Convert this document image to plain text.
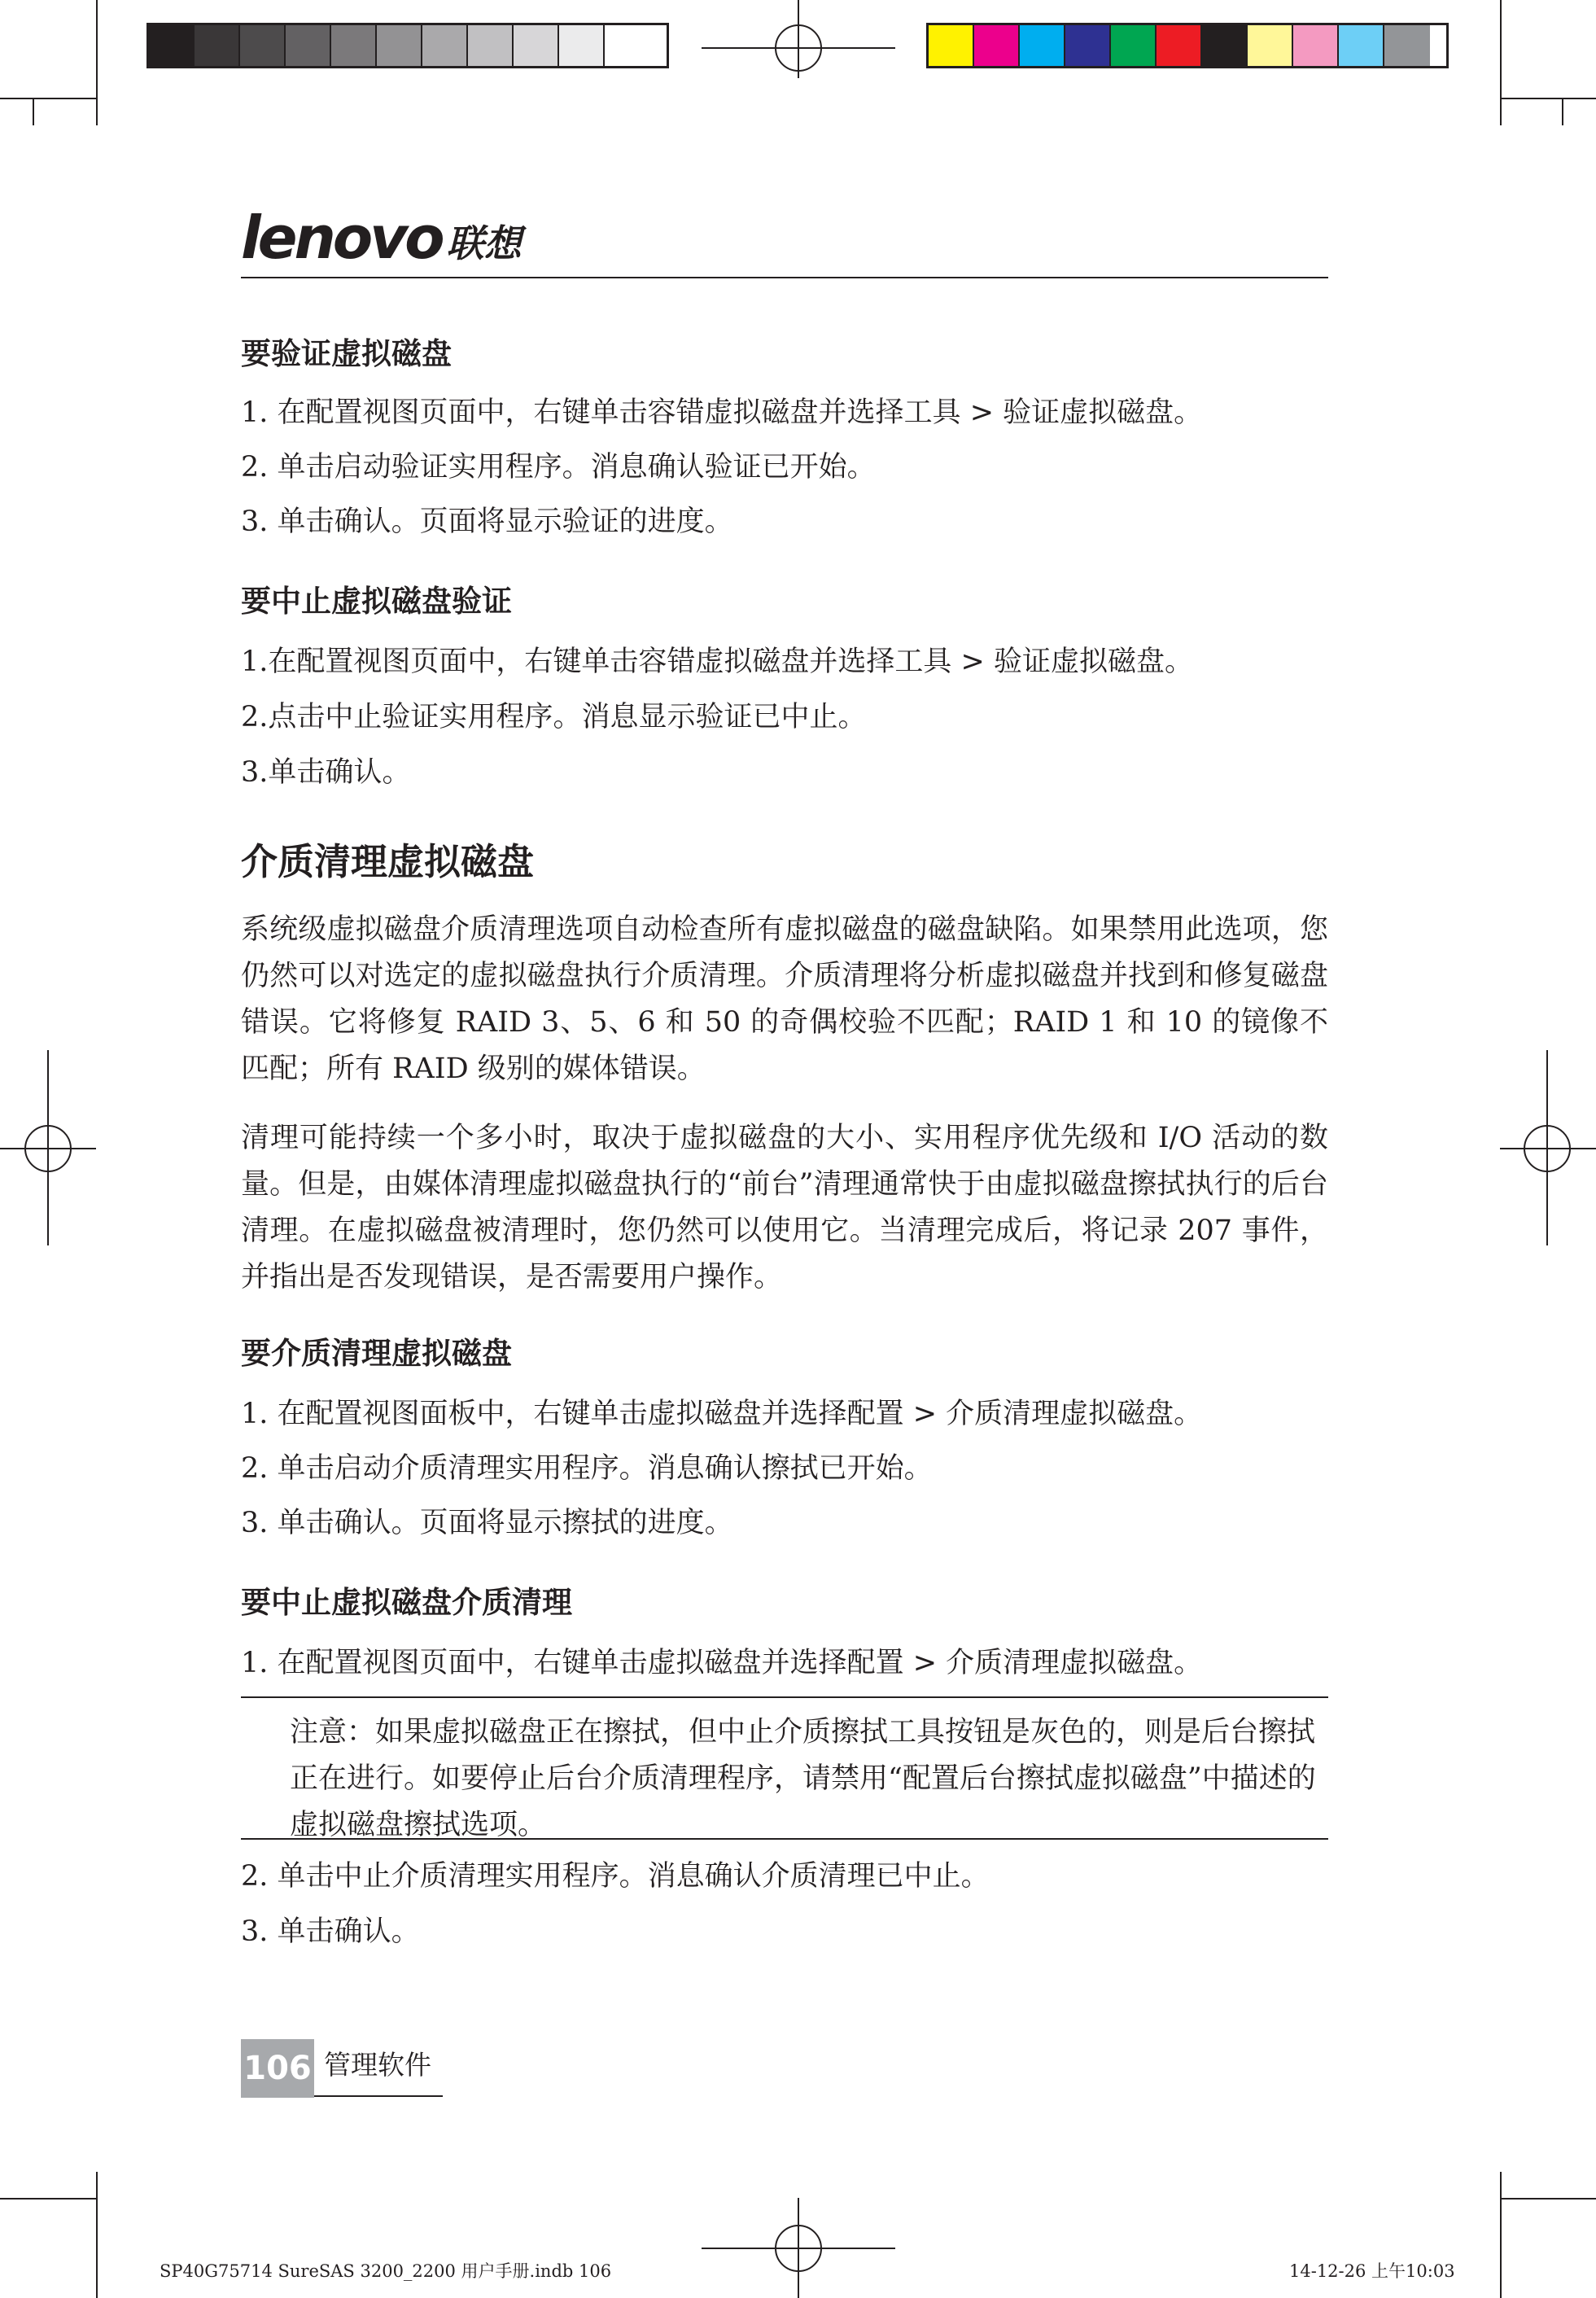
lenovo 联想
要验证虚拟磁盘
1. 在配置视图页面中，右键单击容错虚拟磁盘并选择工具 > 验证虚拟磁盘。
2. 单击启动验证实用程序。消息确认验证已开始。
3. 单击确认。页面将显示验证的进度。
要中止虚拟磁盘验证
1.在配置视图页面中，右键单击容错虚拟磁盘并选择工具 > 验证虚拟磁盘。
2.点击中止验证实用程序。消息显示验证已中止。
3.单击确认。
介质清理虚拟磁盘

系统级虚拟磁盘介质清理选项自动检查所有虚拟磁盘的磁盘缺陷。如果禁用此选项，您仍然可以对选定的虚拟磁盘执行介质清理。介质清理将分析虚拟磁盘并找到和修复磁盘错误。它将修复 RAID 3、5、6 和 50 的奇偶校验不匹配；RAID 1 和 10 的镜像不匹配；所有 RAID 级别的媒体错误。

清理可能持续一个多小时，取决于虚拟磁盘的大小、实用程序优先级和 I/O 活动的数量。但是，由媒体清理虚拟磁盘执行的“前台”清理通常快于由虚拟磁盘擦拭执行的后台清理。在虚拟磁盘被清理时，您仍然可以使用它。当清理完成后，将记录 207 事件，并指出是否发现错误，是否需要用户操作。

要介质清理虚拟磁盘
1. 在配置视图面板中，右键单击虚拟磁盘并选择配置 > 介质清理虚拟磁盘。
2. 单击启动介质清理实用程序。消息确认擦拭已开始。
3. 单击确认。页面将显示擦拭的进度。
要中止虚拟磁盘介质清理
1. 在配置视图页面中，右键单击虚拟磁盘并选择配置 > 介质清理虚拟磁盘。
注意：如果虚拟磁盘正在擦拭，但中止介质擦拭工具按钮是灰色的，则是后台擦拭正在进行。如要停止后台介质清理程序，请禁用“配置后台擦拭虚拟磁盘”中描述的虚拟磁盘擦拭选项。
2. 单击中止介质清理实用程序。消息确认介质清理已中止。
3. 单击确认。
106 管理软件
SP40G75714 SureSAS 3200_2200 用户手册.indb 106	14-12-26 上午10:03
